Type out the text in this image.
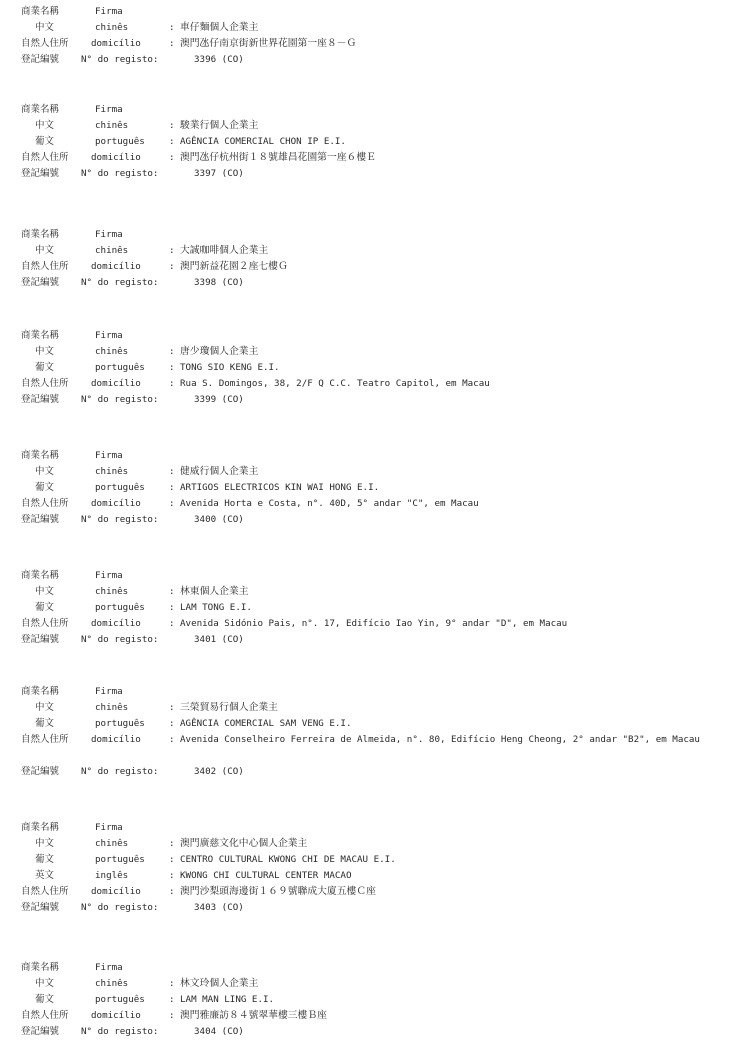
商業名稱	Firma
中文	chinês	: 車仔麵個人企業主
自然人住所 domicílio	: 澳門氹仔南京街新世界花園第一座８－Ｇ
登記編號 N° do registo:	3396 (CO)
商業名稱	Firma
中文	chinês	: 駿業行個人企業主
葡文	português	: AGÊNCIA COMERCIAL CHON IP E.I.
自然人住所 domicílio	: 澳門氹仔杭州街１８號雄昌花園第一座６樓Ｅ
登記編號 N° do registo:	3397 (CO)
商業名稱	Firma
中文	chinês	: 大誠咖啡個人企業主
自然人住所 domicílio	: 澳門新益花園２座七樓Ｇ
登記編號 N° do registo:	3398 (CO)
商業名稱	Firma
中文	chinês	: 唐少瓊個人企業主
葡文	português	: TONG SIO KENG E.I.
自然人住所 domicílio	: Rua S. Domingos, 38, 2/F Q C.C. Teatro Capitol, em Macau
登記編號 N° do registo:	3399 (CO)
商業名稱	Firma
中文	chinês	: 健威行個人企業主
葡文	português	: ARTIGOS ELECTRICOS KIN WAI HONG E.I.
自然人住所 domicílio	: Avenida Horta e Costa, n°. 40D, 5° andar "C", em Macau
登記編號 N° do registo:	3400 (CO)
商業名稱	Firma
中文	chinês	: 林東個人企業主
葡文	português	: LAM TONG E.I.
自然人住所 domicílio	: Avenida Sidónio Pais, n°. 17, Edifício Iao Yin, 9° andar "D", em Macau
登記編號 N° do registo:	3401 (CO)
商業名稱	Firma
中文	chinês	: 三榮貿易行個人企業主
葡文	português	: AGÊNCIA COMERCIAL SAM VENG E.I.
自然人住所 domicílio	: Avenida Conselheiro Ferreira de Almeida, n°. 80, Edifício Heng Cheong, 2° andar "B2", em Macau
登記編號 N° do registo:	3402 (CO)
商業名稱	Firma
中文	chinês	: 澳門廣慈文化中心個人企業主
葡文	português	: CENTRO CULTURAL KWONG CHI DE MACAU E.I.
英文	inglês	: KWONG CHI CULTURAL CENTER MACAO
自然人住所 domicílio	: 澳門沙梨頭海邊街１６９號聯成大廈五樓Ｃ座
登記編號 N° do registo:	3403 (CO)
商業名稱	Firma
中文	chinês	: 林文玲個人企業主
葡文	português	: LAM MAN LING E.I.
自然人住所 domicílio	: 澳門雅廉訪８４號翠華樓三樓Ｂ座
登記編號 N° do registo:	3404 (CO)
